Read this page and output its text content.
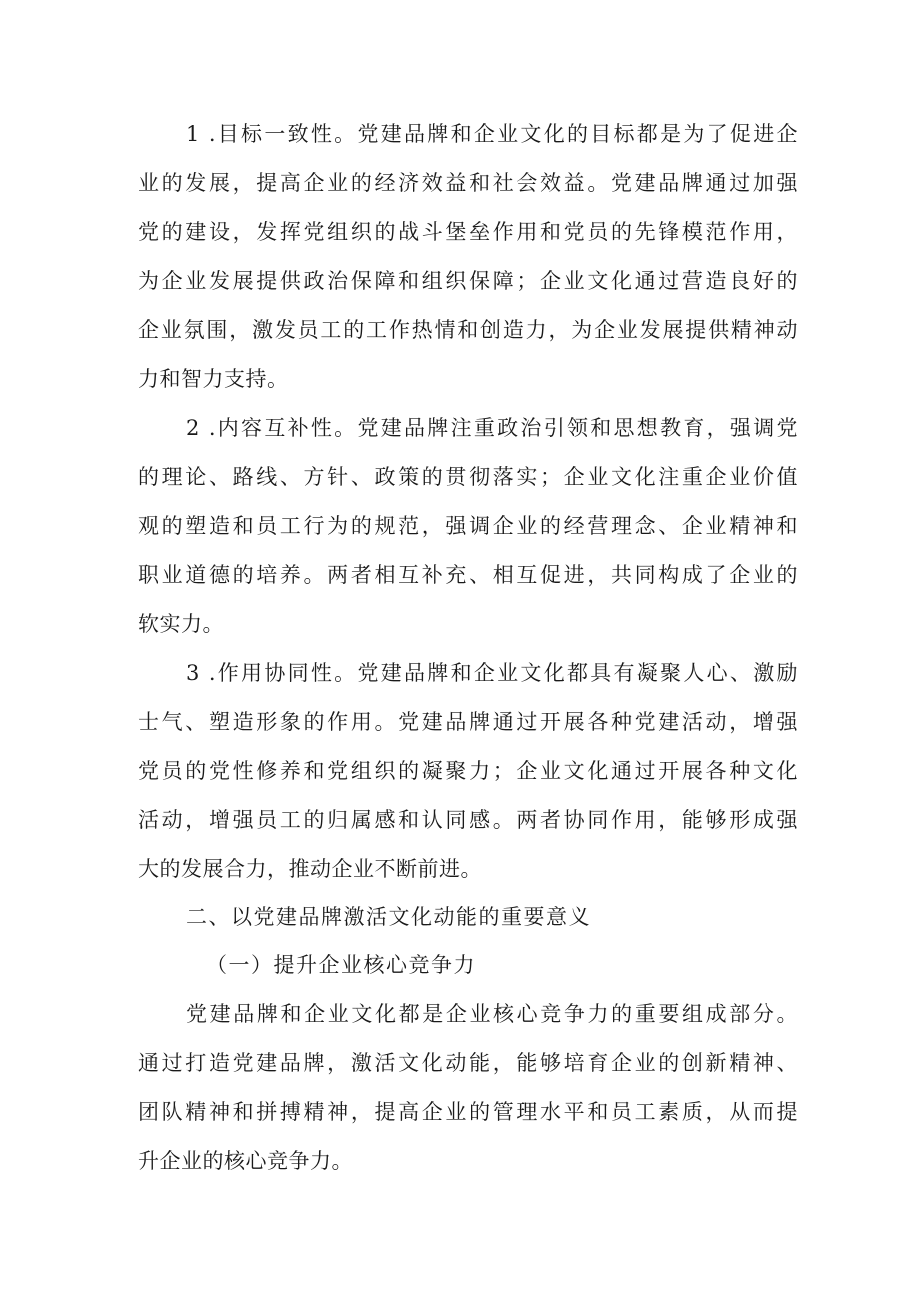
1 .目标一致性。党建品牌和企业文化的目标都是为了促进企
业的发展，提高企业的经济效益和社会效益。党建品牌通过加强
党的建设，发挥党组织的战斗堡垒作用和党员的先锋模范作用，
为企业发展提供政治保障和组织保障；企业文化通过营造良好的
企业氛围，激发员工的工作热情和创造力，为企业发展提供精神动
力和智力支持。
2 .内容互补性。党建品牌注重政治引领和思想教育，强调党
的理论、路线、方针、政策的贯彻落实；企业文化注重企业价值
观的塑造和员工行为的规范，强调企业的经营理念、企业精神和
职业道德的培养。两者相互补充、相互促进，共同构成了企业的
软实力。
3 .作用协同性。党建品牌和企业文化都具有凝聚人心、激励
士气、塑造形象的作用。党建品牌通过开展各种党建活动，增强
党员的党性修养和党组织的凝聚力；企业文化通过开展各种文化
活动，增强员工的归属感和认同感。两者协同作用，能够形成强
大的发展合力，推动企业不断前进。
二、以党建品牌激活文化动能的重要意义
（一）提升企业核心竞争力
党建品牌和企业文化都是企业核心竞争力的重要组成部分。
通过打造党建品牌，激活文化动能，能够培育企业的创新精神、
团队精神和拼搏精神，提高企业的管理水平和员工素质，从而提
升企业的核心竞争力。
